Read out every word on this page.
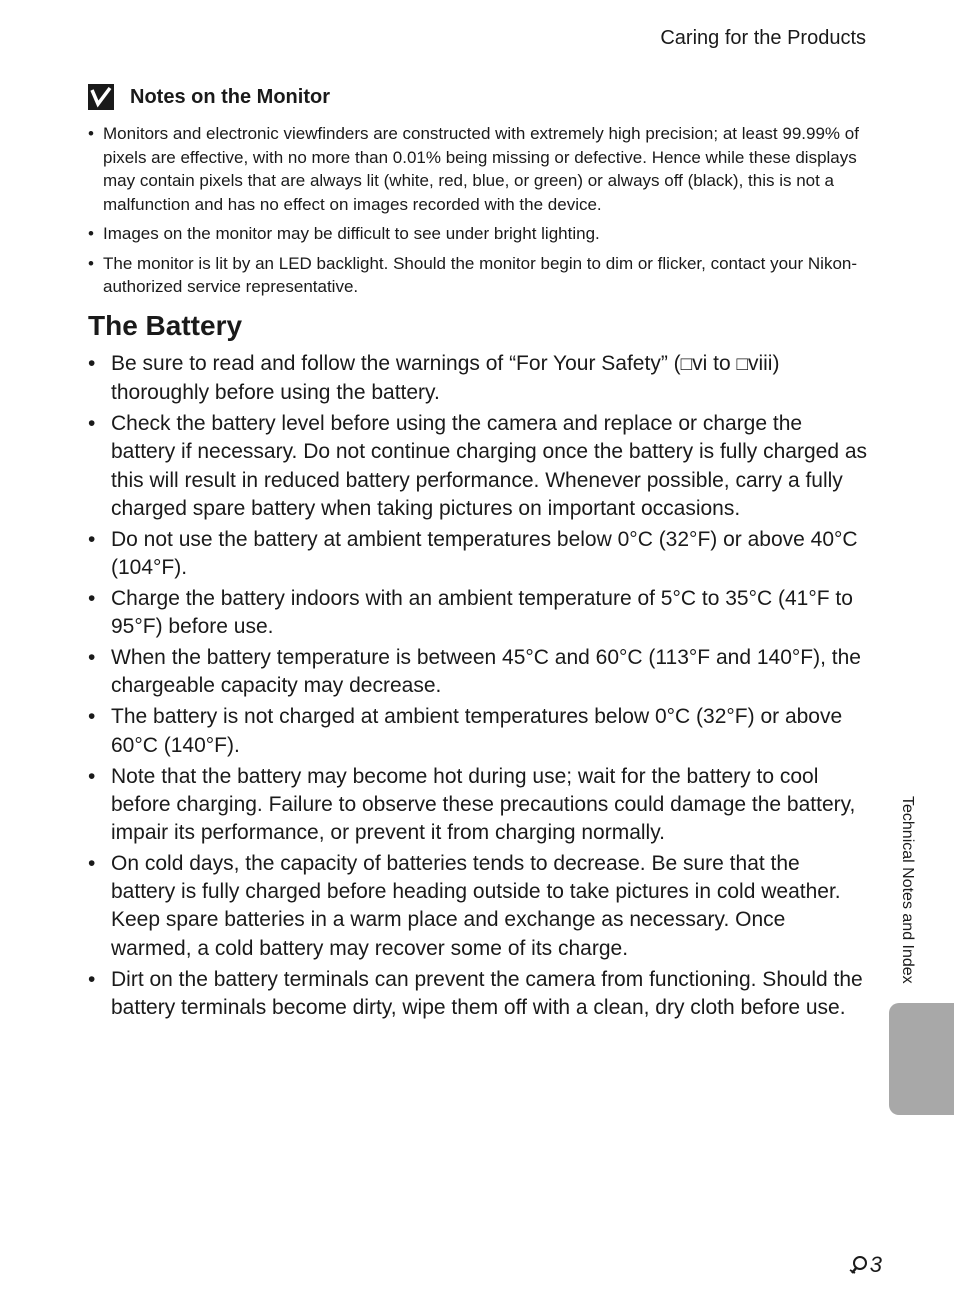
Caring for the Products
Notes on the Monitor
• Monitors and electronic viewfinders are constructed with extremely high precision; at least 99.99% of pixels are effective, with no more than 0.01% being missing or defective. Hence while these displays may contain pixels that are always lit (white, red, blue, or green) or always off (black), this is not a malfunction and has no effect on images recorded with the device.
• Images on the monitor may be difficult to see under bright lighting.
• The monitor is lit by an LED backlight. Should the monitor begin to dim or flicker, contact your Nikon-authorized service representative.
The Battery
• Be sure to read and follow the warnings of “For Your Safety” (□vi to □viii) thoroughly before using the battery.
• Check the battery level before using the camera and replace or charge the battery if necessary. Do not continue charging once the battery is fully charged as this will result in reduced battery performance. Whenever possible, carry a fully charged spare battery when taking pictures on important occasions.
• Do not use the battery at ambient temperatures below 0°C (32°F) or above 40°C (104°F).
• Charge the battery indoors with an ambient temperature of 5°C to 35°C (41°F to 95°F) before use.
• When the battery temperature is between 45°C and 60°C (113°F and 140°F), the chargeable capacity may decrease.
• The battery is not charged at ambient temperatures below 0°C (32°F) or above 60°C (140°F).
• Note that the battery may become hot during use; wait for the battery to cool before charging. Failure to observe these precautions could damage the battery, impair its performance, or prevent it from charging normally.
• On cold days, the capacity of batteries tends to decrease. Be sure that the battery is fully charged before heading outside to take pictures in cold weather. Keep spare batteries in a warm place and exchange as necessary. Once warmed, a cold battery may recover some of its charge.
• Dirt on the battery terminals can prevent the camera from functioning. Should the battery terminals become dirty, wipe them off with a clean, dry cloth before use.
Technical Notes and Index
3
